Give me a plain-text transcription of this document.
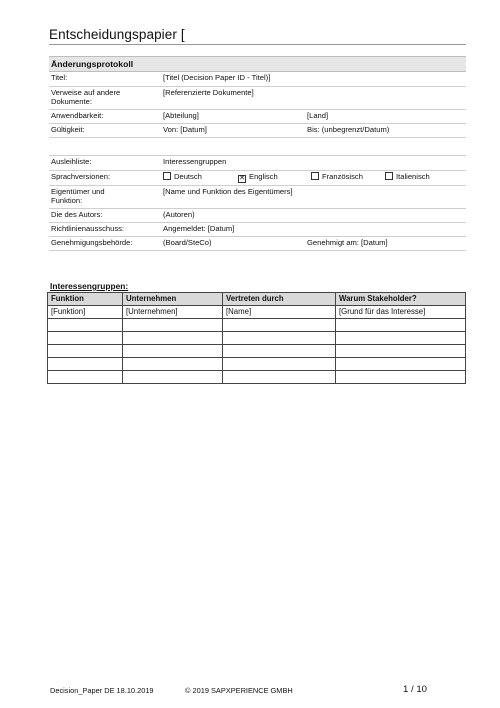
Entscheidungspapier [
Änderungsprotokoll
Titel:	[Titel (Decision Paper ID - Titel)]
Verweise auf andere Dokumente:
[Referenzierte Dokumente]
Anwendbarkeit:	[Abteilung]	[Land]
Gültigkeit:	Von: [Datum]	Bis: (unbegrenzt/Datum)
Ausleihliste:	Interessengruppen
Sprachversionen:	Deutsch	✕ Englisch	Französisch	Italienisch
Eigentümer und Funktion:
[Name und Funktion des Eigentümers]
Die des Autors:	(Autoren)
Richtlinienausschuss:	Angemeldet: [Datum]
Genehmigungsbehörde:	(Board/SteCo)	Genehmigt am: [Datum]
Interessengruppen:
Funktion	Unternehmen	Vertreten durch	Warum Stakeholder?
[Funktion]	[Unternehmen]	[Name]	[Grund für das Interesse]

Decision_Paper DE 18.10.2019	© 2019 SAPXPERIENCE GMBH	1 / 10
